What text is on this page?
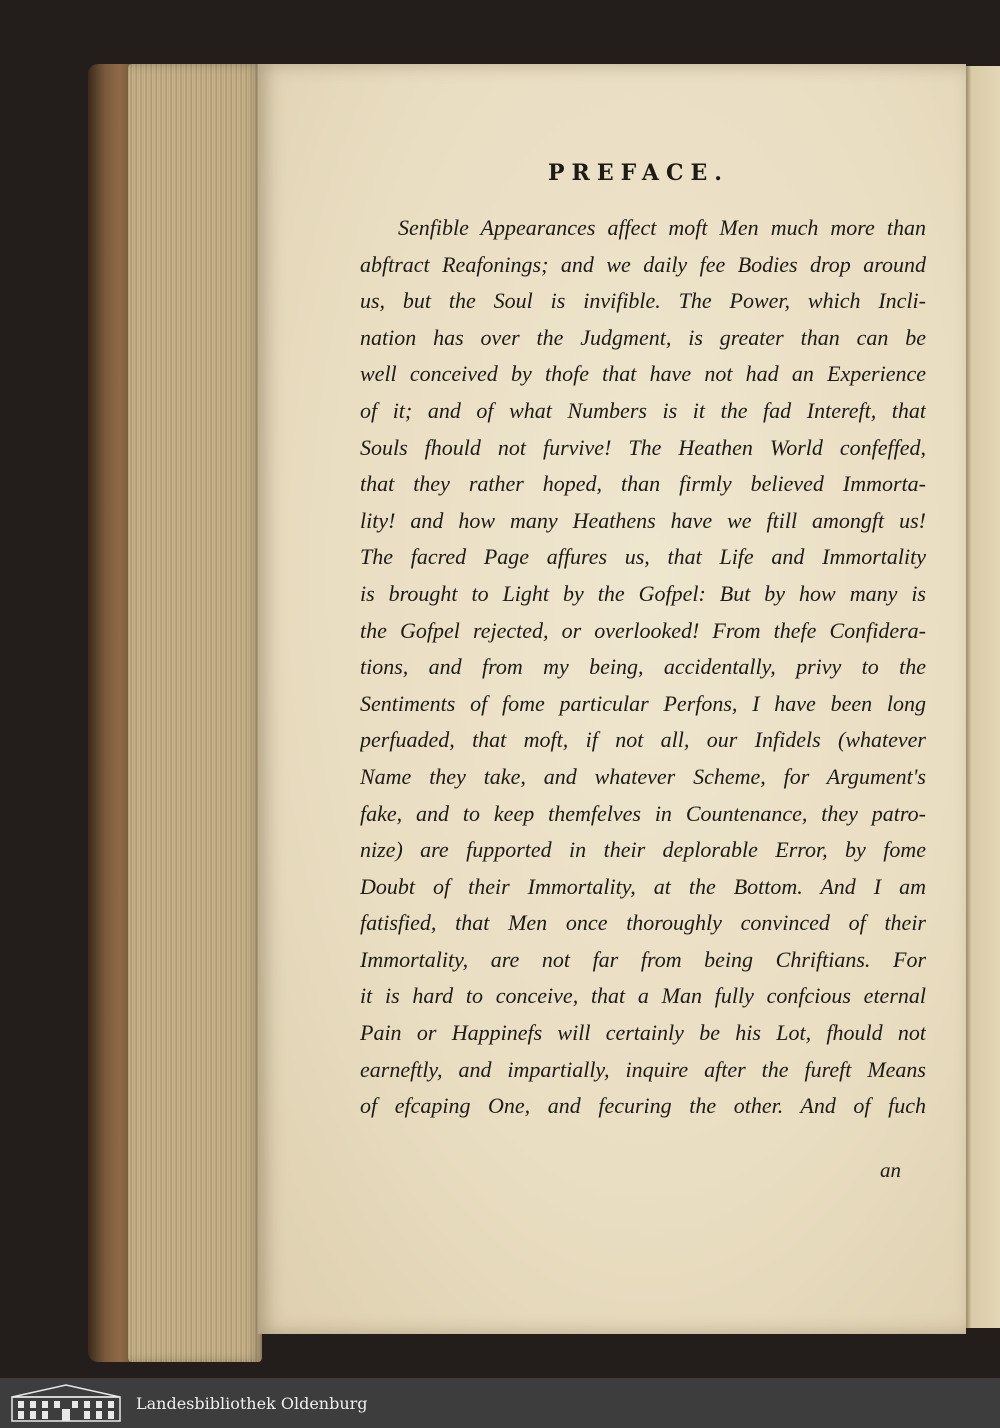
PREFACE.
Senfible Appearances affect moft Men much more than
abftract Reafonings; and we daily fee Bodies drop around
us, but the Soul is invifible. The Power, which Incli-
nation has over the Judgment, is greater than can be
well conceived by thofe that have not had an Experience
of it; and of what Numbers is it the fad Intereft, that
Souls fhould not furvive! The Heathen World confeffed,
that they rather hoped, than firmly believed Immorta-
lity! and how many Heathens have we ftill amongft us!
The facred Page affures us, that Life and Immortality
is brought to Light by the Gofpel: But by how many is
the Gofpel rejected, or overlooked! From thefe Confidera-
tions, and from my being, accidentally, privy to the
Sentiments of fome particular Perfons, I have been long
perfuaded, that moft, if not all, our Infidels (whatever
Name they take, and whatever Scheme, for Argument's
fake, and to keep themfelves in Countenance, they patro-
nize) are fupported in their deplorable Error, by fome
Doubt of their Immortality, at the Bottom. And I am
fatisfied, that Men once thoroughly convinced of their
Immortality, are not far from being Chriftians. For
it is hard to conceive, that a Man fully confcious eternal
Pain or Happinefs will certainly be his Lot, fhould not
earneftly, and impartially, inquire after the fureft Means
of efcaping One, and fecuring the other. And of fuch
an
Landesbibliothek Oldenburg
